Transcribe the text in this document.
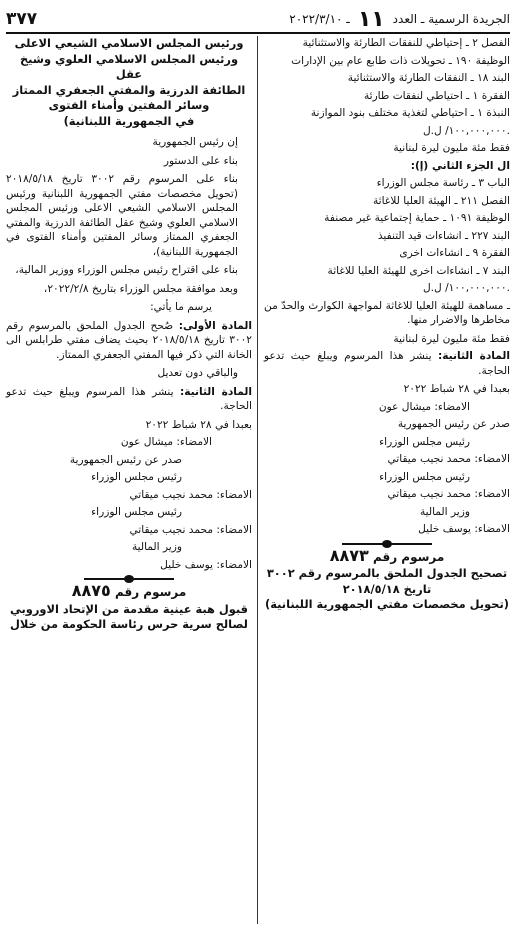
الجريدة الرسمية ـ العدد
١١
ـ ٢٠٢٢/٣/١٠
٣٧٧

الفصل ٢ ـ إحتياطي للنفقات الطارئة والاستثنائية

الوظيفة ١٩٠ ـ تحويلات ذات طابع عام بين الإدارات

البند ١٨ ـ النفقات الطارئة والاستثنائية

الفقرة ١ ـ احتياطي لنفقات طارئة

النبذة ١ ـ احتياطي لتغذية مختلف بنود الموازنة

١٠٠,٠٠٠,٠٠٠/ ل.ل.

فقط مئة مليون ليرة لبنانية

ال الجزء الثاني (إ):

الباب ٣ ـ رئاسة مجلس الوزراء

الفصل ٢١١ ـ الهيئة العليا للاغاثة

الوظيفة ١٠٩١ ـ حماية إجتماعية غير مصنفة

البند ٢٢٧ ـ انشاءات قيد التنفيذ

الفقرة ٩ ـ انشاءات اخرى

البند ٧ ـ انشاءات اخرى للهيئة العليا للاغاثة

١٠٠,٠٠٠,٠٠٠/ ل.ل.

ـ مساهمة للهيئة العليا للاغاثة لمواجهة الكوارث والحدّ من مخاطرها والاضرار منها.

فقط مئة مليون ليرة لبنانية

المادة الثانية: ينشر هذا المرسوم ويبلغ حيث تدعو الحاجة.

بعبدا في ٢٨ شباط ٢٠٢٢

الامضاء: ميشال عون

صدر عن رئيس الجمهورية

رئيس مجلس الوزراء

الامضاء: محمد نجيب ميقاتي

رئيس مجلس الوزراء

الامضاء: محمد نجيب ميقاتي

وزير المالية

الامضاء: يوسف خليل

مرسوم رقم ٨٨٧٣

تصحيح الجدول الملحق بالمرسوم رقم ٣٠٠٢

تاريخ ٢٠١٨/٥/١٨

(تحويل مخصصات مفتي الجمهورية اللبنانية)

ورئيس المجلس الاسلامي الشيعي الاعلى

ورئيس المجلس الاسلامي العلوي وشيخ عقل

الطائفة الدرزية والمفتي الجعفري الممتاز

وسائر المفتين وأمناء الفتوى

في الجمهورية اللبنانية)

إن رئيس الجمهورية

بناء على الدستور

بناء على المرسوم رقم ٣٠٠٢ تاريخ ٢٠١٨/٥/١٨ (تحويل مخصصات مفتي الجمهورية اللبنانية ورئيس المجلس الاسلامي الشيعي الاعلى ورئيس المجلس الاسلامي العلوي وشيخ عقل الطائفة الدرزية والمفتي الجعفري الممتاز وسائر المفتين وأمناء الفتوى في الجمهورية اللبنانية)،

بناء على اقتراح رئيس مجلس الوزراء ووزير المالية،

وبعد موافقة مجلس الوزراء بتاريخ ٢٠٢٢/٢/٨،

يرسم ما يأتي:

المادة الأولى: صُحح الجدول الملحق بالمرسوم رقم ٣٠٠٢ تاريخ ٢٠١٨/٥/١٨ بحيث يضاف مفتي طرابلس الى الخانة التي ذكر فيها المفتي الجعفري الممتاز.

والباقي دون تعديل

المادة الثانية: ينشر هذا المرسوم ويبلغ حيث تدعو الحاجة.

بعبدا في ٢٨ شباط ٢٠٢٢

الامضاء: ميشال عون

صدر عن رئيس الجمهورية

رئيس مجلس الوزراء

الامضاء: محمد نجيب ميقاتي

رئيس مجلس الوزراء

الامضاء: محمد نجيب ميقاتي

وزير المالية

الامضاء: يوسف خليل

مرسوم رقم ٨٨٧٥

قبول هبة عينية مقدمة من الإتحاد الاوروبي

لصالح سرية حرس رئاسة الحكومة من خلال
